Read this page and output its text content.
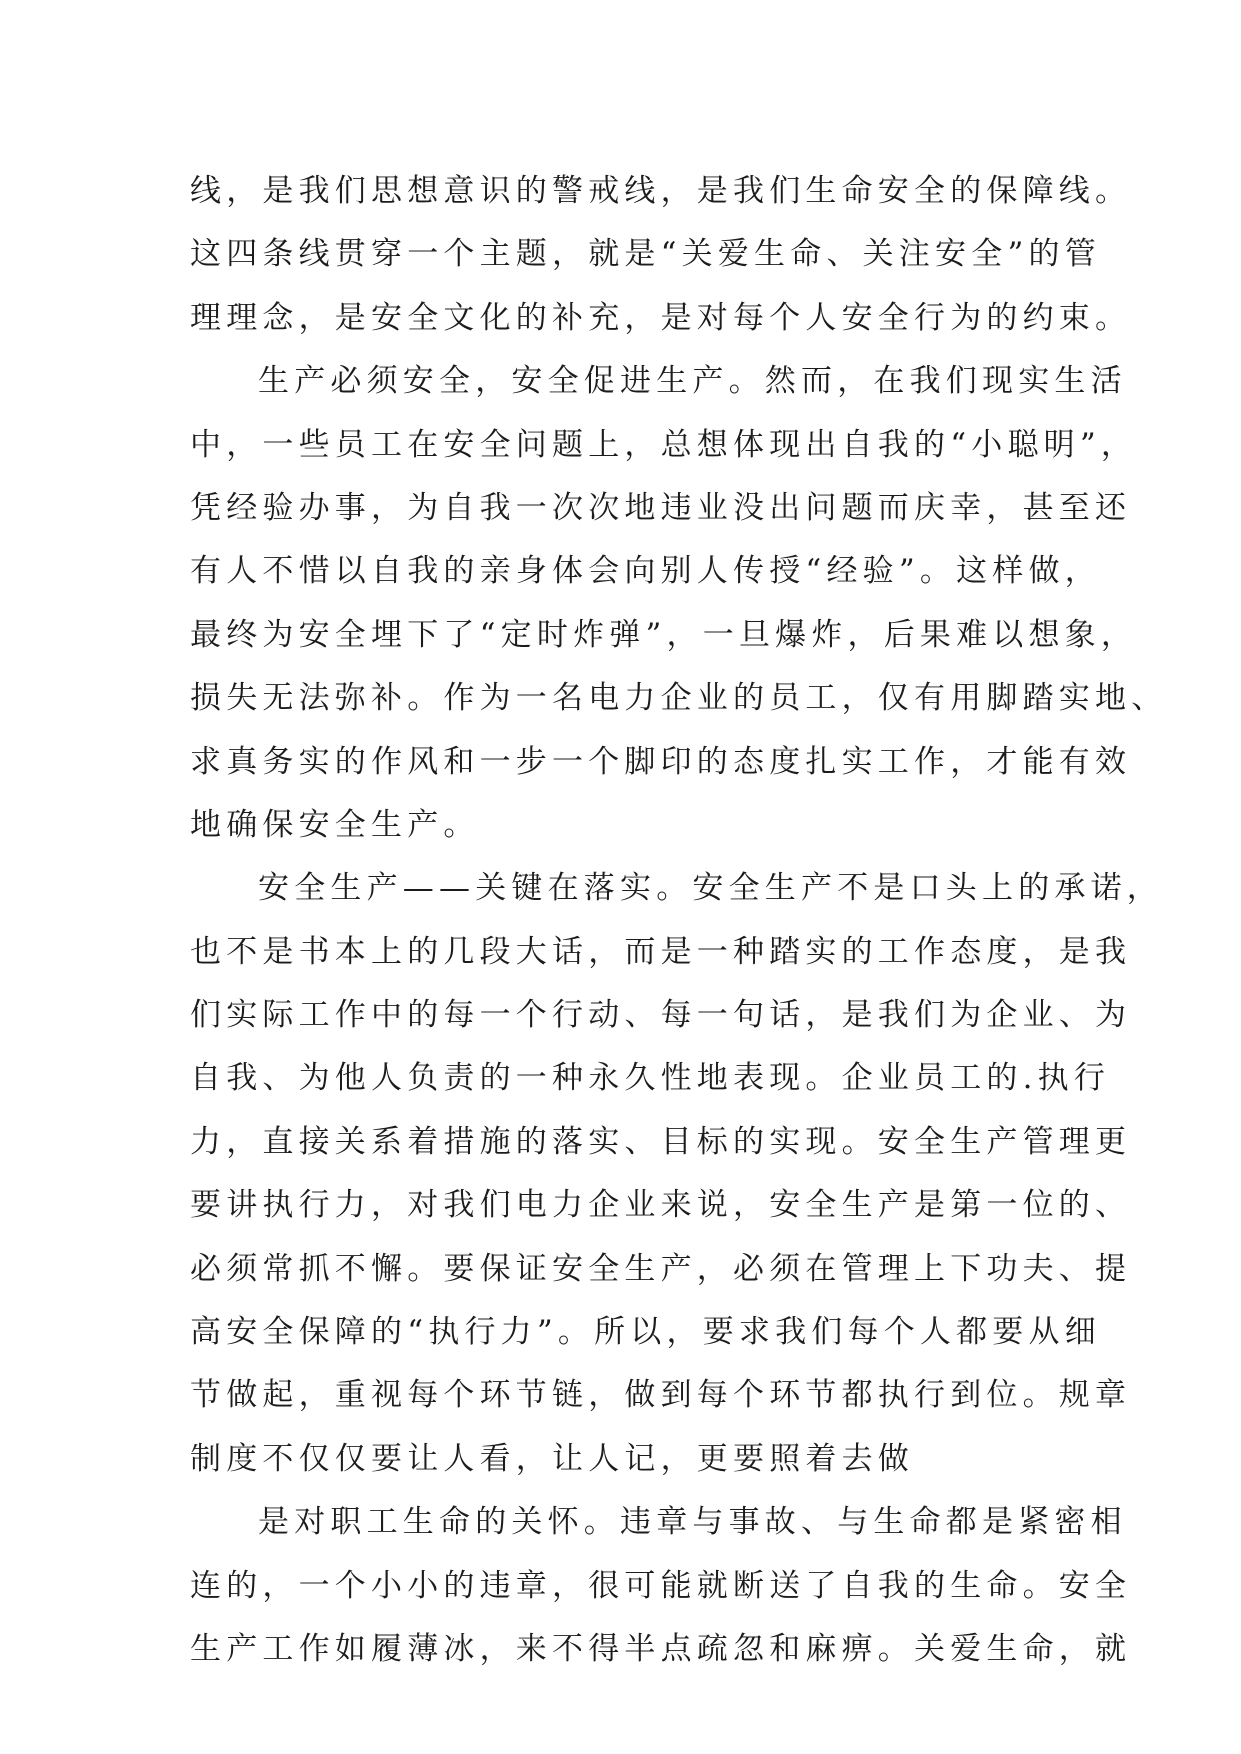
线，是我们思想意识的警戒线，是我们生命安全的保障线。
这四条线贯穿一个主题，就是“关爱生命、关注安全”的管
理理念，是安全文化的补充，是对每个人安全行为的约束。
生产必须安全，安全促进生产。然而，在我们现实生活
中，一些员工在安全问题上，总想体现出自我的“小聪明”，
凭经验办事，为自我一次次地违业没出问题而庆幸，甚至还
有人不惜以自我的亲身体会向别人传授“经验”。这样做，
最终为安全埋下了“定时炸弹”，一旦爆炸，后果难以想象，
损失无法弥补。作为一名电力企业的员工，仅有用脚踏实地、
求真务实的作风和一步一个脚印的态度扎实工作，才能有效
地确保安全生产。
安全生产——关键在落实。安全生产不是口头上的承诺，
也不是书本上的几段大话，而是一种踏实的工作态度，是我
们实际工作中的每一个行动、每一句话，是我们为企业、为
自我、为他人负责的一种永久性地表现。企业员工的.执行
力，直接关系着措施的落实、目标的实现。安全生产管理更
要讲执行力，对我们电力企业来说，安全生产是第一位的、
必须常抓不懈。要保证安全生产，必须在管理上下功夫、提
高安全保障的“执行力”。所以，要求我们每个人都要从细
节做起，重视每个环节链，做到每个环节都执行到位。规章
制度不仅仅要让人看，让人记，更要照着去做
是对职工生命的关怀。违章与事故、与生命都是紧密相
连的，一个小小的违章，很可能就断送了自我的生命。安全
生产工作如履薄冰，来不得半点疏忽和麻痹。关爱生命，就
